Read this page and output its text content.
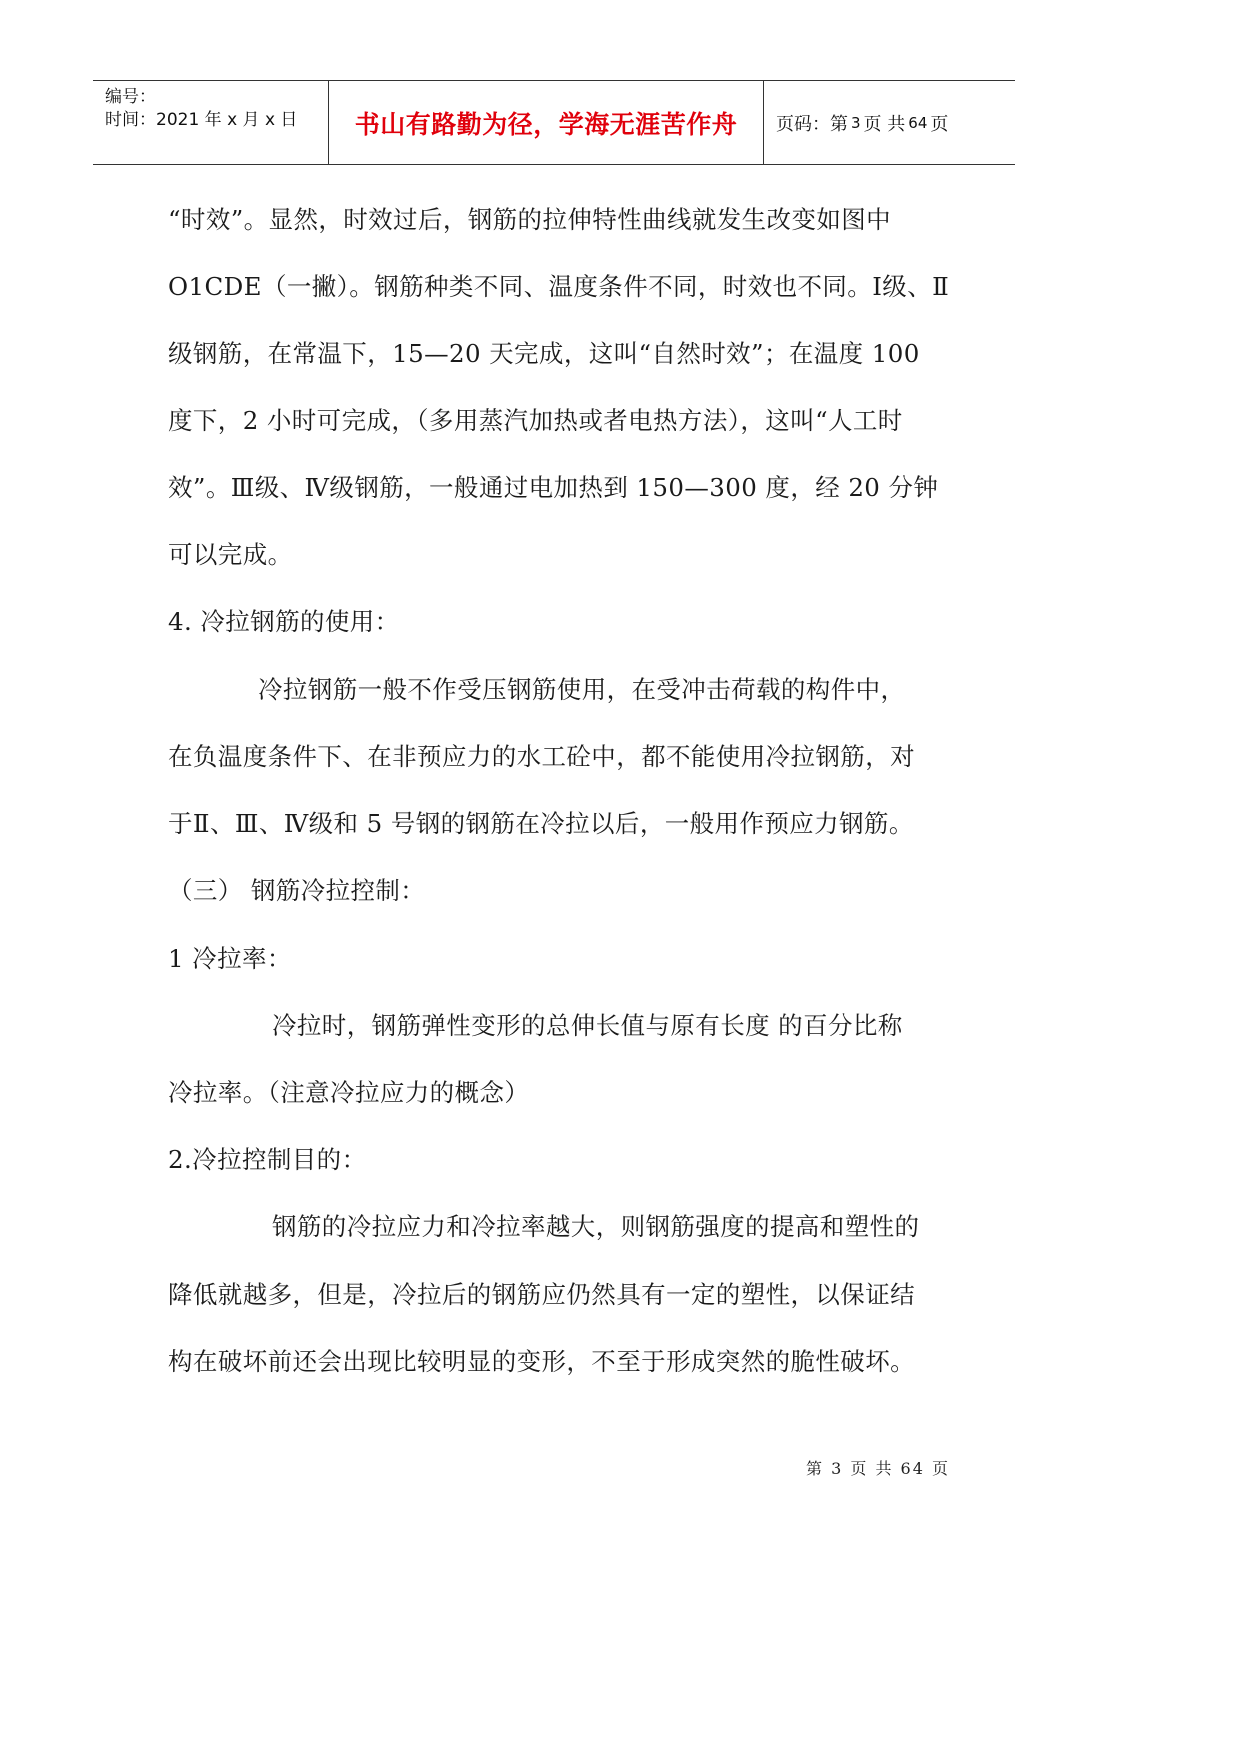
编号：
时间：2021 年 x 月 x 日	书山有路勤为径，学海无涯苦作舟	页码：第 3 页 共 64 页

“时效”。显然，时效过后，钢筋的拉伸特性曲线就发生改变如图中

O1CDE（一撇）。钢筋种类不同、温度条件不同，时效也不同。Ⅰ级、Ⅱ

级钢筋，在常温下，15—20 天完成，这叫“自然时效”；在温度 100

度下，2 小时可完成，（多用蒸汽加热或者电热方法），这叫“人工时

效”。Ⅲ级、Ⅳ级钢筋，一般通过电加热到 150—300 度，经 20 分钟

可以完成。

4. 冷拉钢筋的使用：

冷拉钢筋一般不作受压钢筋使用，在受冲击荷载的构件中，

在负温度条件下、在非预应力的水工砼中，都不能使用冷拉钢筋，对

于Ⅱ、Ⅲ、Ⅳ级和 5 号钢的钢筋在冷拉以后，一般用作预应力钢筋。

（三） 钢筋冷拉控制：

1 冷拉率：

冷拉时，钢筋弹性变形的总伸长值与原有长度 的百分比称

冷拉率。（注意冷拉应力的概念）

2.冷拉控制目的：

钢筋的冷拉应力和冷拉率越大，则钢筋强度的提高和塑性的

降低就越多，但是，冷拉后的钢筋应仍然具有一定的塑性，以保证结

构在破坏前还会出现比较明显的变形，不至于形成突然的脆性破坏。

第 3 页 共 64 页
